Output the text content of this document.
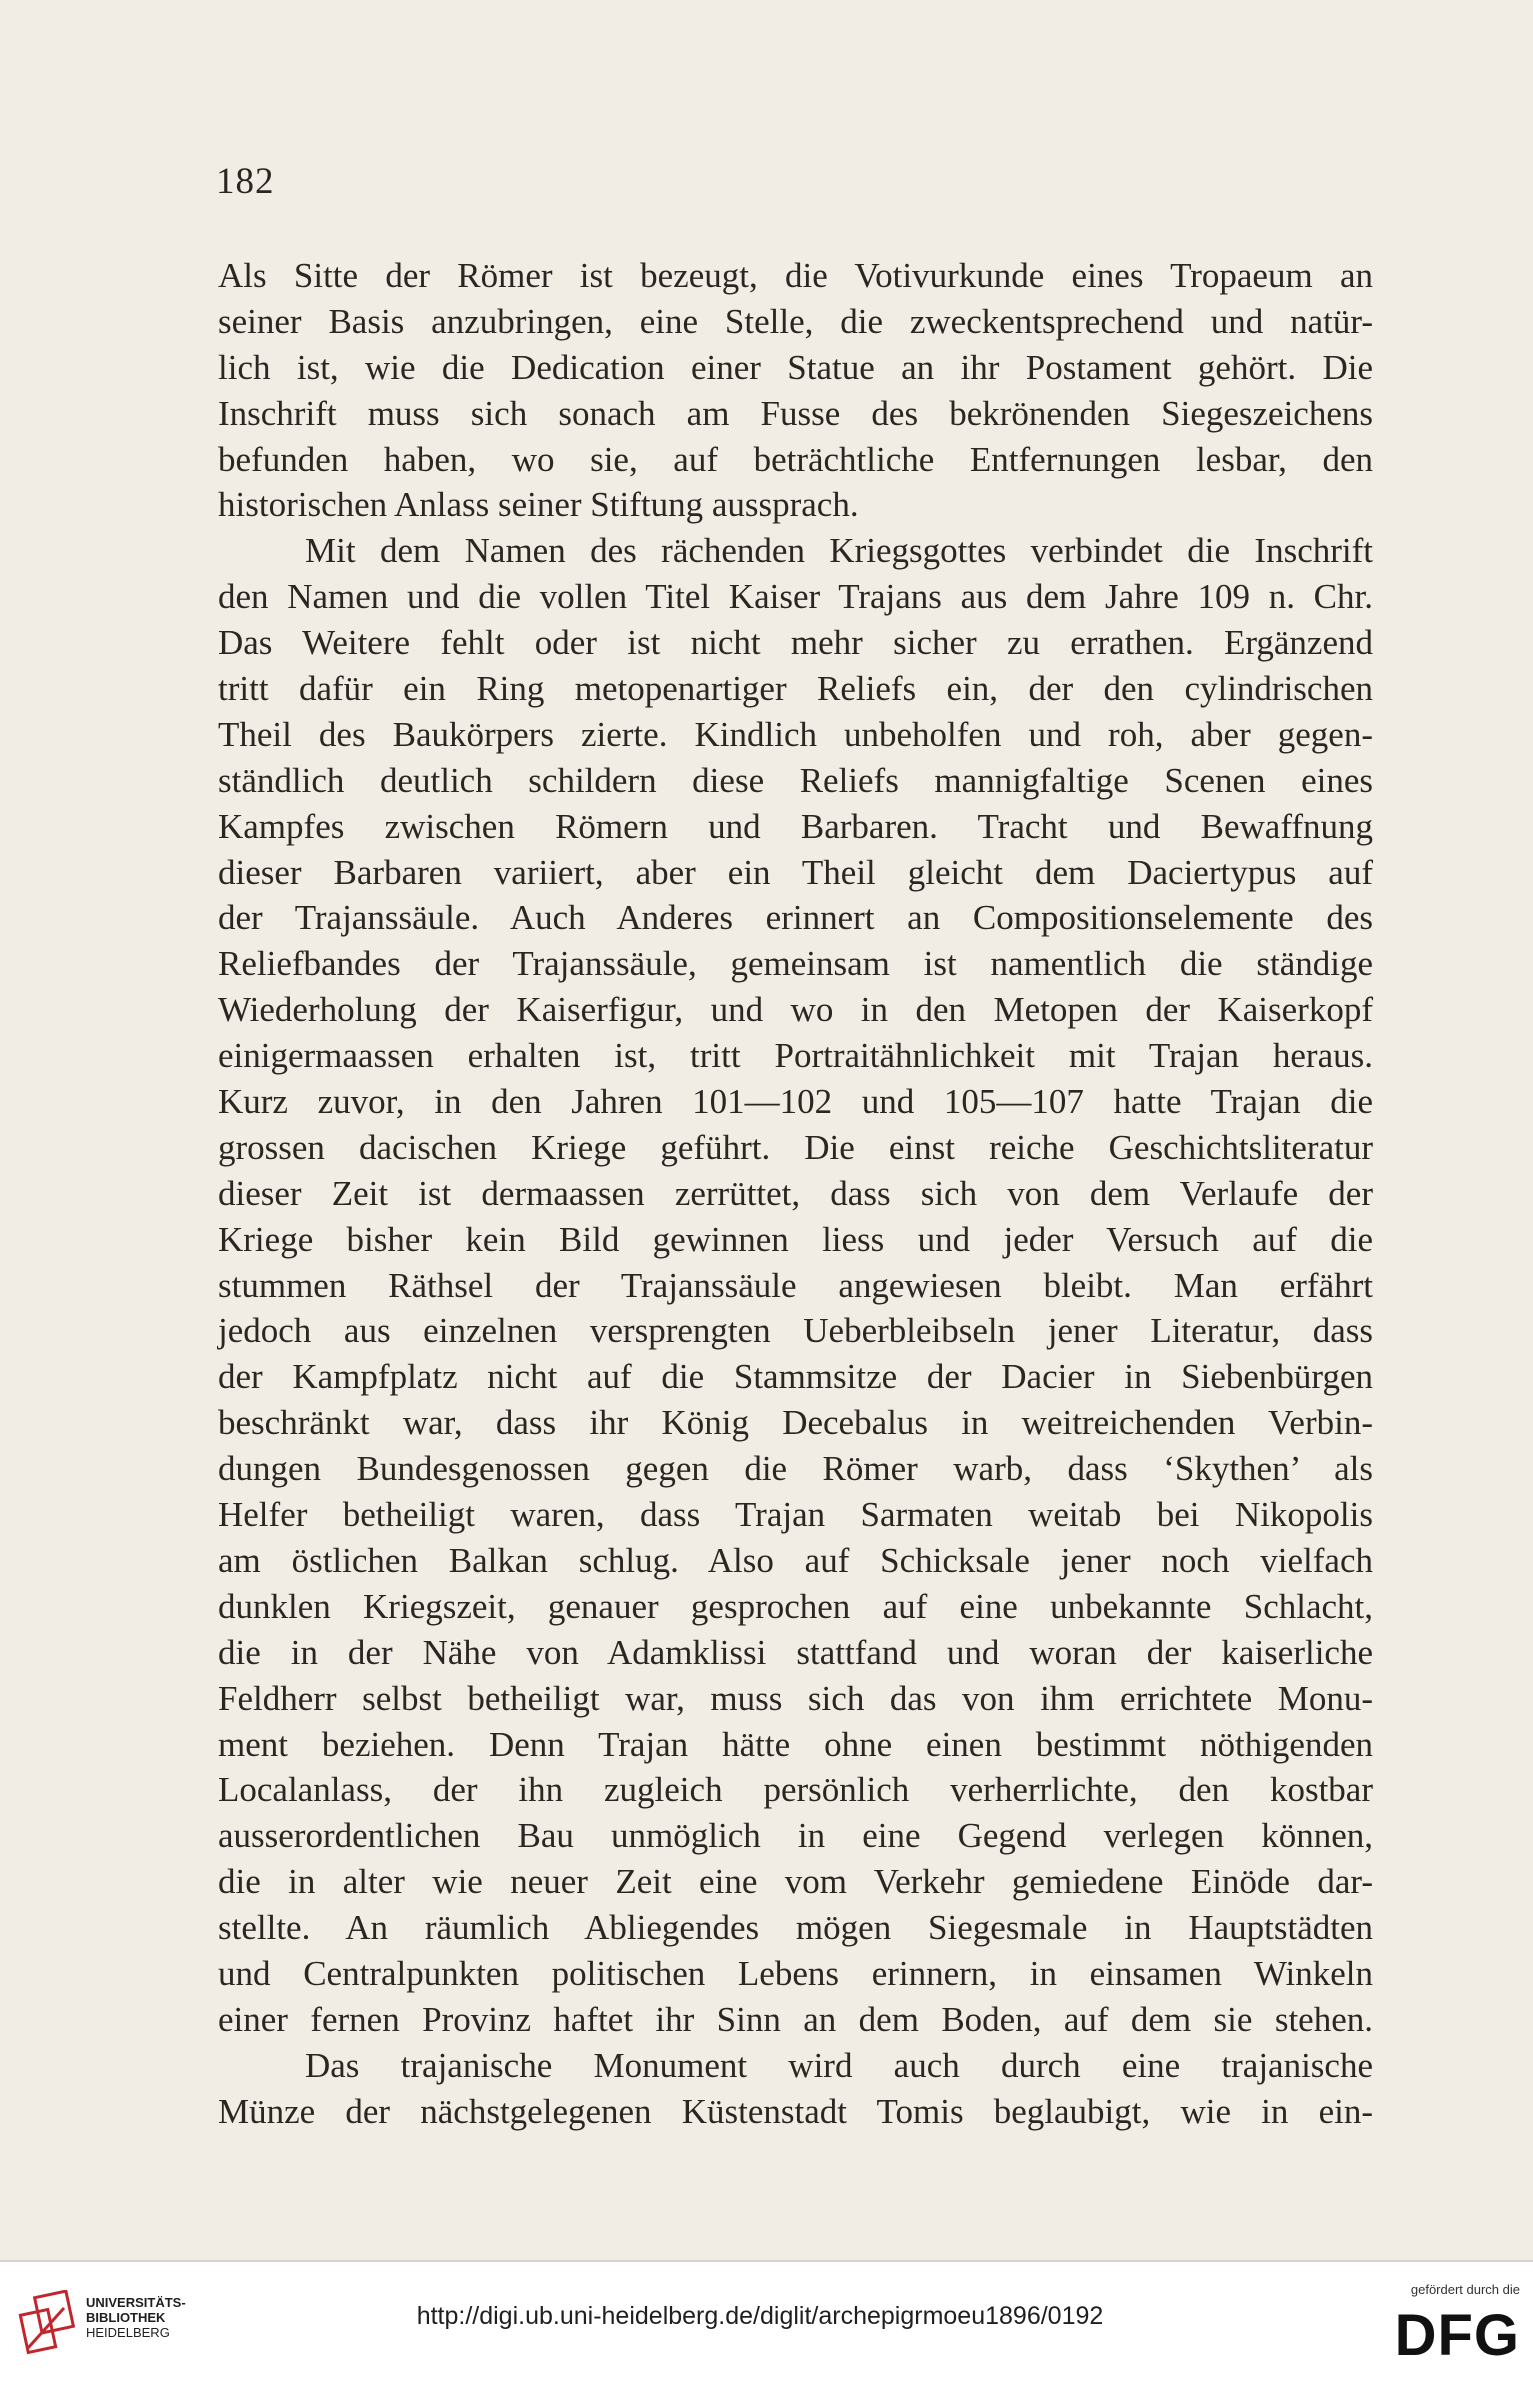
182
Als Sitte der Römer ist bezeugt, die Votivurkunde eines Tropaeum an
seiner Basis anzubringen, eine Stelle, die zweckentsprechend und natür-
lich ist, wie die Dedication einer Statue an ihr Postament gehört. Die
Inschrift muss sich sonach am Fusse des bekrönenden Siegeszeichens
befunden haben, wo sie, auf beträchtliche Entfernungen lesbar, den
historischen Anlass seiner Stiftung aussprach.
Mit dem Namen des rächenden Kriegsgottes verbindet die Inschrift
den Namen und die vollen Titel Kaiser Trajans aus dem Jahre 109 n. Chr.
Das Weitere fehlt oder ist nicht mehr sicher zu errathen. Ergänzend
tritt dafür ein Ring metopenartiger Reliefs ein, der den cylindrischen
Theil des Baukörpers zierte. Kindlich unbeholfen und roh, aber gegen-
ständlich deutlich schildern diese Reliefs mannigfaltige Scenen eines
Kampfes zwischen Römern und Barbaren. Tracht und Bewaffnung
dieser Barbaren variiert, aber ein Theil gleicht dem Daciertypus auf
der Trajanssäule. Auch Anderes erinnert an Compositionselemente des
Reliefbandes der Trajanssäule, gemeinsam ist namentlich die ständige
Wiederholung der Kaiserfigur, und wo in den Metopen der Kaiserkopf
einigermaassen erhalten ist, tritt Portraitähnlichkeit mit Trajan heraus.
Kurz zuvor, in den Jahren 101—102 und 105—107 hatte Trajan die
grossen dacischen Kriege geführt. Die einst reiche Geschichtsliteratur
dieser Zeit ist dermaassen zerrüttet, dass sich von dem Verlaufe der
Kriege bisher kein Bild gewinnen liess und jeder Versuch auf die
stummen Räthsel der Trajanssäule angewiesen bleibt. Man erfährt
jedoch aus einzelnen versprengten Ueberbleibseln jener Literatur, dass
der Kampfplatz nicht auf die Stammsitze der Dacier in Siebenbürgen
beschränkt war, dass ihr König Decebalus in weitreichenden Verbin-
dungen Bundesgenossen gegen die Römer warb, dass ‘Skythen’ als
Helfer betheiligt waren, dass Trajan Sarmaten weitab bei Nikopolis
am östlichen Balkan schlug. Also auf Schicksale jener noch vielfach
dunklen Kriegszeit, genauer gesprochen auf eine unbekannte Schlacht,
die in der Nähe von Adamklissi stattfand und woran der kaiserliche
Feldherr selbst betheiligt war, muss sich das von ihm errichtete Monu-
ment beziehen. Denn Trajan hätte ohne einen bestimmt nöthigenden
Localanlass, der ihn zugleich persönlich verherrlichte, den kostbar
ausserordentlichen Bau unmöglich in eine Gegend verlegen können,
die in alter wie neuer Zeit eine vom Verkehr gemiedene Einöde dar-
stellte. An räumlich Abliegendes mögen Siegesmale in Hauptstädten
und Centralpunkten politischen Lebens erinnern, in einsamen Winkeln
einer fernen Provinz haftet ihr Sinn an dem Boden, auf dem sie stehen.
Das trajanische Monument wird auch durch eine trajanische
Münze der nächstgelegenen Küstenstadt Tomis beglaubigt, wie in ein-
UNIVERSITÄTS-
BIBLIOTHEK
HEIDELBERG
http://digi.ub.uni-heidelberg.de/diglit/archepigrmoeu1896/0192
gefördert durch die
DFG
